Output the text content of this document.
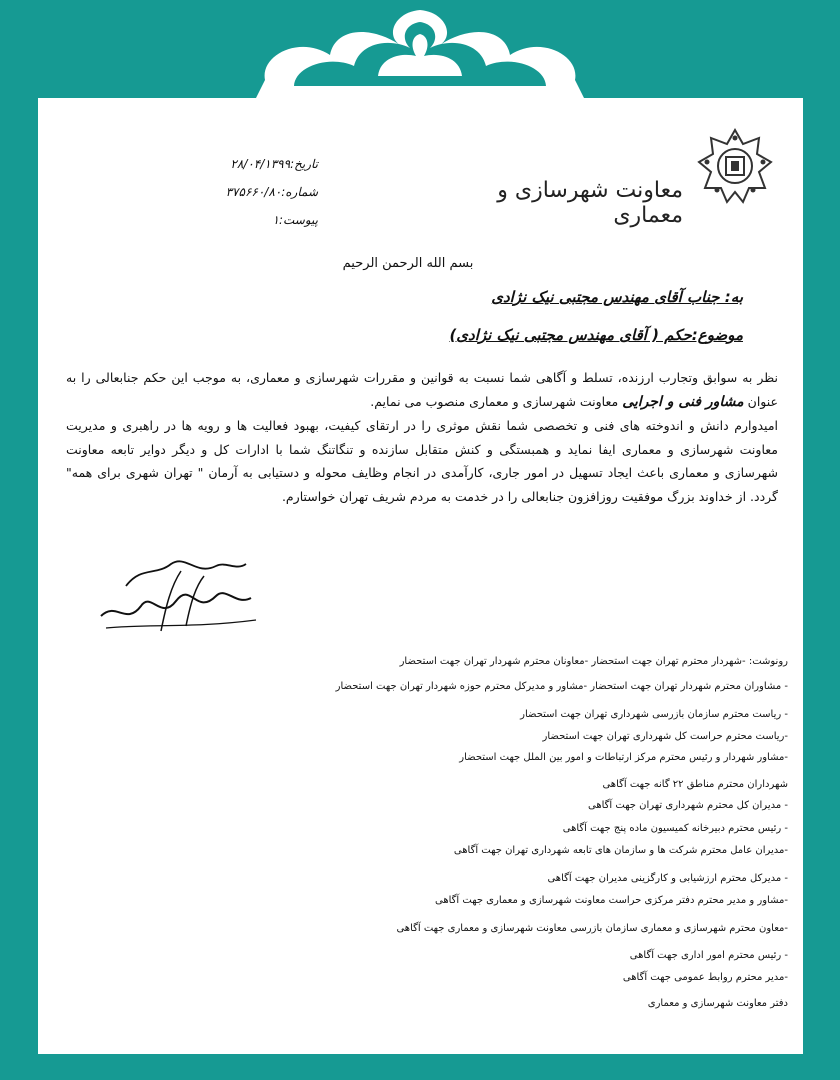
معاونت شهرسازی و معماری
تاریخ:۲۸/۰۴/۱۳۹۹
شماره:۳۷۵۶۶۰/۸۰
پیوست:۱
بسم الله الرحمن الرحیم
به: جناب آقای مهندس مجتبی نیک نژادی
موضوع:حکم ( آقای مهندس مجتبی نیک نژادی)

نظر به سوابق وتجارب ارزنده، تسلط و آگاهی شما نسبت به قوانین و مقررات شهرسازی و معماری، به موجب این حکم جنابعالی را به عنوان مشاور فنی و اجرایی معاونت شهرسازی و معماری منصوب می نمایم.

امیدوارم دانش و اندوخته های فنی و تخصصی شما نقش موثری را در ارتقای کیفیت، بهبود فعالیت ها و رویه ها در راهبری و مدیریت معاونت شهرسازی و معماری ایفا نماید و همبستگی و کنش متقابل سازنده و تنگاتنگ شما با ادارات کل و دیگر دوایر تابعه معاونت شهرسازی و معماری باعث ایجاد تسهیل در امور جاری، کارآمدی در انجام وظایف محوله و دستیابی به آرمان " تهران شهری برای همه" گردد. از خداوند بزرگ موفقیت روزافزون جنابعالی را در خدمت به مردم شریف تهران خواستارم.

رونوشت: -شهردار محترم تهران جهت استحضار -معاونان محترم شهردار تهران جهت استحضار
- مشاوران محترم شهردار تهران جهت استحضار -مشاور و مدیرکل محترم حوزه شهردار تهران جهت استحضار
- ریاست محترم سازمان بازرسی شهرداری تهران جهت استحضار
-ریاست محترم حراست کل شهرداری تهران جهت استحضار
-مشاور شهردار و رئیس محترم مرکز ارتباطات و امور بین الملل جهت استحضار
شهرداران محترم مناطق ۲۲ گانه جهت آگاهی
- مدیران کل محترم شهرداری تهران جهت آگاهی
- رئیس محترم دبیرخانه کمیسیون ماده پنج جهت آگاهی
-مدیران عامل محترم شرکت ها و سازمان های تابعه شهرداری تهران جهت آگاهی
- مدیرکل محترم ارزشیابی و کارگزینی مدیران جهت آگاهی
-مشاور و مدیر محترم دفتر مرکزی حراست معاونت شهرسازی و معماری جهت آگاهی
-معاون محترم شهرسازی و معماری سازمان بازرسی معاونت شهرسازی و معماری جهت آگاهی
- رئیس محترم امور اداری جهت آگاهی
-مدیر محترم روابط عمومی جهت آگاهی
دفتر معاونت شهرسازی و معماری
